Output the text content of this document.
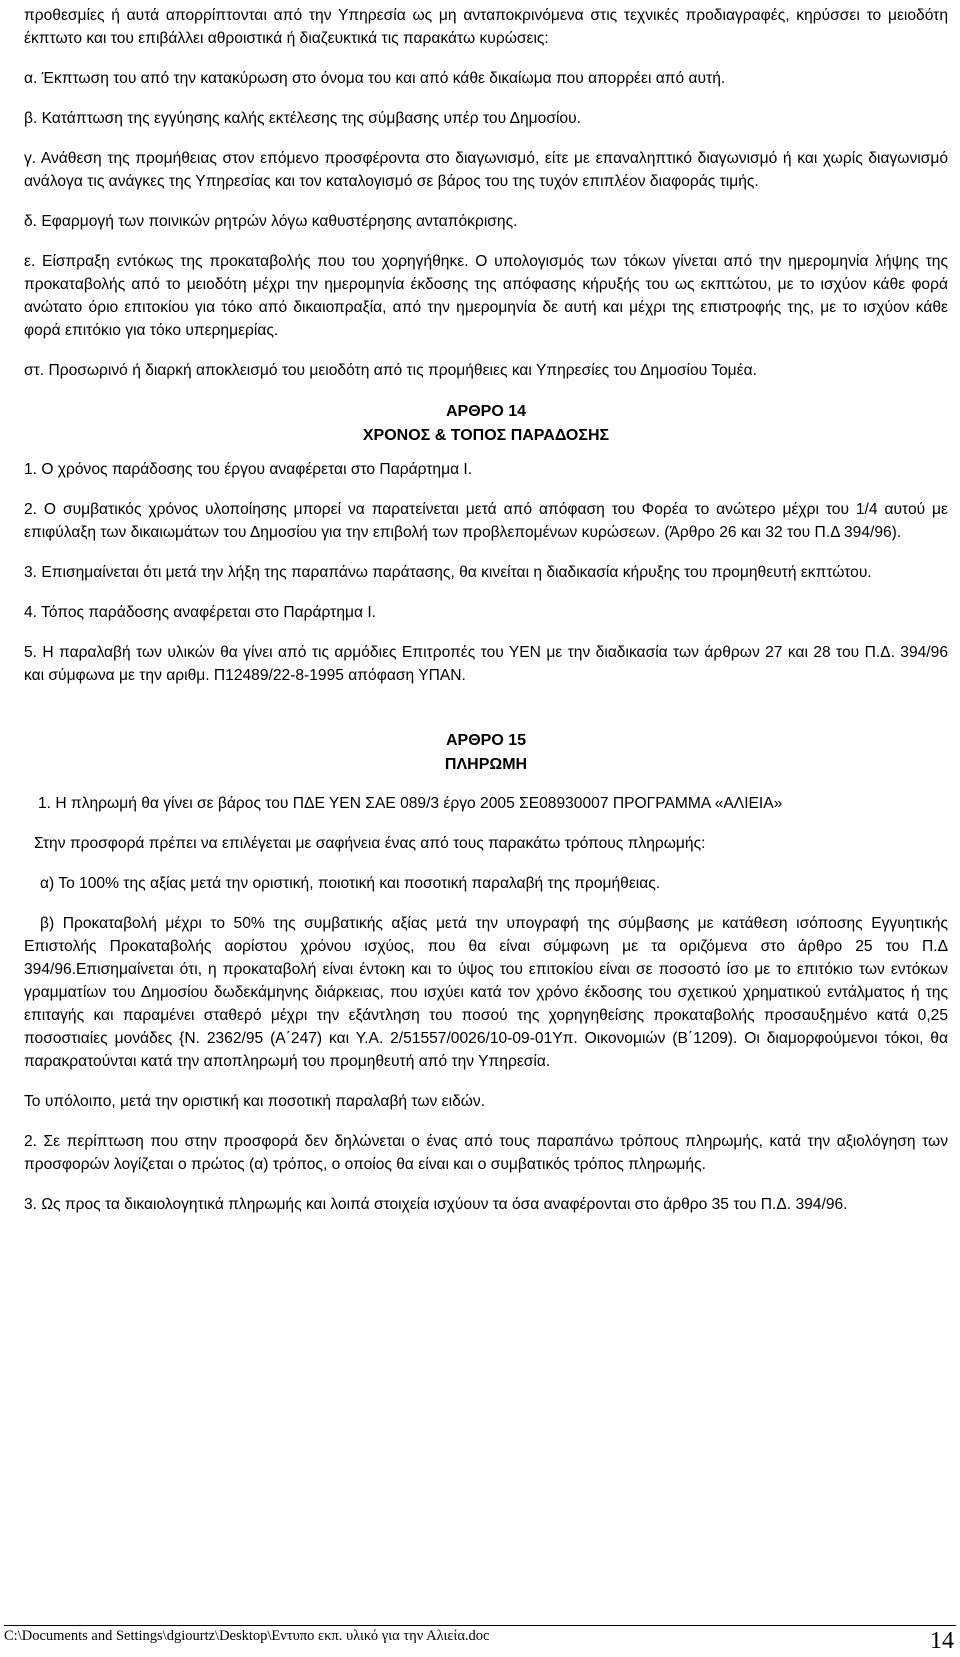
προθεσμίες ή αυτά απορρίπτονται από την Υπηρεσία ως μη ανταποκρινόμενα στις τεχνικές προδιαγραφές, κηρύσσει το μειοδότη έκπτωτο και του επιβάλλει αθροιστικά ή διαζευκτικά τις παρακάτω κυρώσεις:

α. Έκπτωση του από την κατακύρωση στο όνομα του και από κάθε δικαίωμα που απορρέει από αυτή.

β. Κατάπτωση της εγγύησης καλής εκτέλεσης της σύμβασης υπέρ του Δημοσίου.

γ. Ανάθεση της προμήθειας στον επόμενο προσφέροντα στο διαγωνισμό, είτε με επαναληπτικό διαγωνισμό ή και χωρίς διαγωνισμό ανάλογα τις ανάγκες της Υπηρεσίας και τον καταλογισμό σε βάρος του της τυχόν επιπλέον διαφοράς τιμής.

δ. Εφαρμογή των ποινικών ρητρών λόγω καθυστέρησης ανταπόκρισης.

ε. Είσπραξη εντόκως της προκαταβολής που του χορηγήθηκε. Ο υπολογισμός των τόκων γίνεται από την ημερομηνία λήψης της προκαταβολής από το μειοδότη μέχρι την ημερομηνία έκδοσης της απόφασης κήρυξής του ως εκπτώτου, με το ισχύον κάθε φορά ανώτατο όριο επιτοκίου για τόκο από δικαιοπραξία, από την ημερομηνία δε αυτή και μέχρι της επιστροφής της, με το ισχύον κάθε φορά επιτόκιο για τόκο υπερημερίας.

στ. Προσωρινό ή διαρκή αποκλεισμό του μειοδότη από τις προμήθειες και Υπηρεσίες του Δημοσίου Τομέα.

ΑΡΘΡΟ 14
ΧΡΟΝΟΣ & ΤΟΠΟΣ ΠΑΡΑΔΟΣΗΣ

1. Ο χρόνος παράδοσης του έργου αναφέρεται στο Παράρτημα Ι.

2. Ο συμβατικός χρόνος υλοποίησης μπορεί να παρατείνεται μετά από απόφαση του Φορέα το ανώτερο μέχρι του 1/4 αυτού με επιφύλαξη των δικαιωμάτων του Δημοσίου για την επιβολή των προβλεπομένων κυρώσεων. (Άρθρο 26 και 32 του Π.Δ 394/96).

3. Επισημαίνεται ότι μετά την λήξη της παραπάνω παράτασης, θα κινείται η διαδικασία κήρυξης του προμηθευτή εκπτώτου.

4. Τόπος παράδοσης αναφέρεται στο Παράρτημα Ι.

5. Η παραλαβή των υλικών θα γίνει από τις αρμόδιες Επιτροπές του ΥΕΝ με την διαδικασία των άρθρων 27 και 28 του Π.Δ. 394/96 και σύμφωνα με την αριθμ. Π12489/22-8-1995 απόφαση ΥΠΑΝ.

ΑΡΘΡΟ 15
ΠΛΗΡΩΜΗ

1. Η πληρωμή θα γίνει σε βάρος του ΠΔΕ ΥΕΝ ΣΑΕ 089/3 έργο 2005 ΣΕ08930007 ΠΡΟΓΡΑΜΜΑ «ΑΛΙΕΙΑ»

Στην προσφορά πρέπει να επιλέγεται με σαφήνεια ένας από τους παρακάτω τρόπους πληρωμής:

α) Το 100% της αξίας μετά την οριστική, ποιοτική και ποσοτική παραλαβή της προμήθειας.

β) Προκαταβολή μέχρι το 50% της συμβατικής αξίας μετά την υπογραφή της σύμβασης με κατάθεση ισόποσης Εγγυητικής Επιστολής Προκαταβολής αορίστου χρόνου ισχύος, που θα είναι σύμφωνη με τα οριζόμενα στο άρθρο 25 του Π.Δ 394/96.Επισημαίνεται ότι, η προκαταβολή είναι έντοκη και το ύψος του επιτοκίου είναι σε ποσοστό ίσο με το επιτόκιο των εντόκων γραμματίων του Δημοσίου δωδεκάμηνης διάρκειας, που ισχύει κατά τον χρόνο έκδοσης του σχετικού χρηματικού εντάλματος ή της επιταγής και παραμένει σταθερό μέχρι την εξάντληση του ποσού της χορηγηθείσης προκαταβολής προσαυξημένο κατά 0,25 ποσοστιαίες μονάδες {Ν. 2362/95 (Α΄247) και Υ.Α. 2/51557/0026/10-09-01Υπ. Οικονομιών (Β΄1209). Οι διαμορφούμενοι τόκοι, θα παρακρατούνται κατά την αποπληρωμή του προμηθευτή από την Υπηρεσία.

Το υπόλοιπο, μετά την οριστική και ποσοτική παραλαβή των ειδών.

2. Σε περίπτωση που στην προσφορά δεν δηλώνεται ο ένας από τους παραπάνω τρόπους πληρωμής, κατά την αξιολόγηση των προσφορών λογίζεται ο πρώτος (α) τρόπος, ο οποίος θα είναι και ο συμβατικός τρόπος πληρωμής.

3. Ως προς τα δικαιολογητικά πληρωμής και λοιπά στοιχεία ισχύουν τα όσα αναφέρονται στο άρθρο 35 του Π.Δ. 394/96.

C:\Documents and Settings\dgiourtz\Desktop\Εντυπο εκπ. υλικό για την Αλιεία.doc	14
